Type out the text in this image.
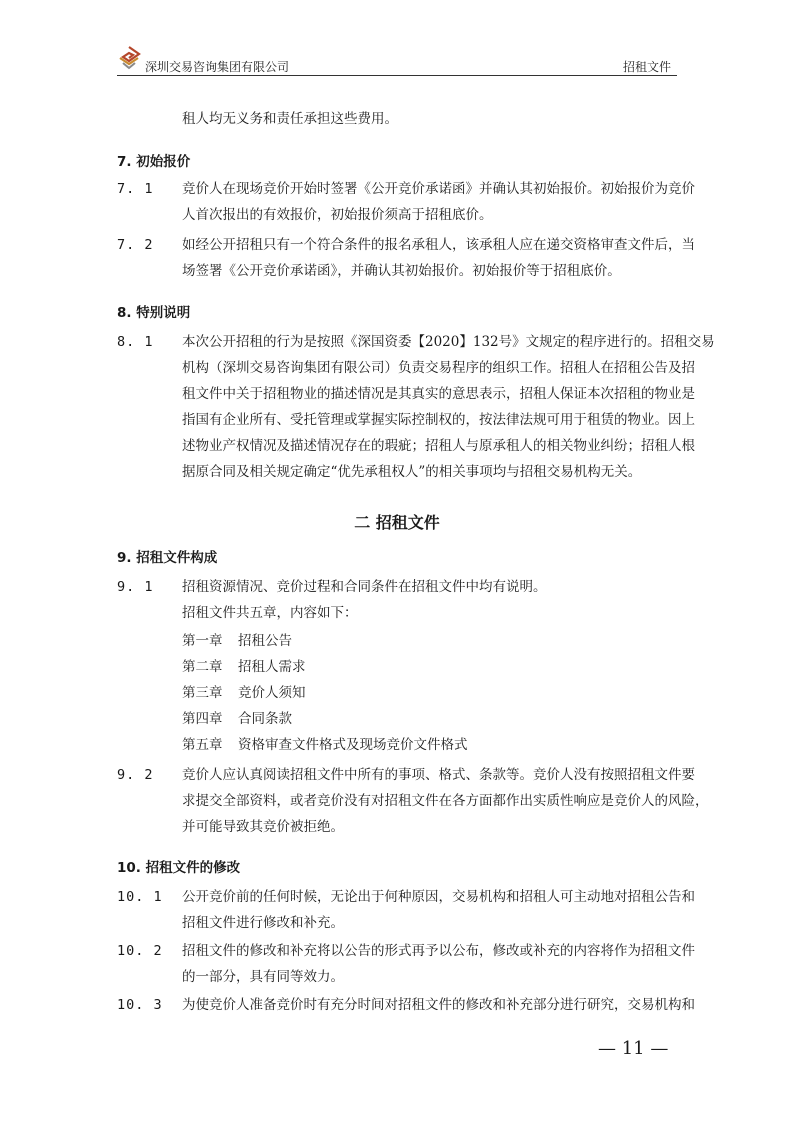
深圳交易咨询集团有限公司	招租文件
租人均无义务和责任承担这些费用。
7. 初始报价
7. 1 竞价人在现场竞价开始时签署《公开竞价承诺函》并确认其初始报价。初始报价为竞价
人首次报出的有效报价，初始报价须高于招租底价。
7. 2 如经公开招租只有一个符合条件的报名承租人，该承租人应在递交资格审查文件后，当
场签署《公开竞价承诺函》，并确认其初始报价。初始报价等于招租底价。
8. 特别说明
8. 1 本次公开招租的行为是按照《深国资委【2020】132号》文规定的程序进行的。招租交易
机构（深圳交易咨询集团有限公司）负责交易程序的组织工作。招租人在招租公告及招
租文件中关于招租物业的描述情况是其真实的意思表示，招租人保证本次招租的物业是
指国有企业所有、受托管理或掌握实际控制权的，按法律法规可用于租赁的物业。因上
述物业产权情况及描述情况存在的瑕疵；招租人与原承租人的相关物业纠纷；招租人根
据原合同及相关规定确定“优先承租权人”的相关事项均与招租交易机构无关。
二 招租文件
9. 招租文件构成
9. 1 招租资源情况、竞价过程和合同条件在招租文件中均有说明。
招租文件共五章，内容如下：
第一章 招租公告
第二章 招租人需求
第三章 竞价人须知
第四章 合同条款
第五章 资格审查文件格式及现场竞价文件格式
9. 2 竞价人应认真阅读招租文件中所有的事项、格式、条款等。竞价人没有按照招租文件要
求提交全部资料，或者竞价没有对招租文件在各方面都作出实质性响应是竞价人的风险，
并可能导致其竞价被拒绝。
10. 招租文件的修改
10. 1 公开竞价前的任何时候，无论出于何种原因，交易机构和招租人可主动地对招租公告和
招租文件进行修改和补充。
10. 2 招租文件的修改和补充将以公告的形式再予以公布，修改或补充的内容将作为招租文件
的一部分，具有同等效力。
10. 3 为使竞价人准备竞价时有充分时间对招租文件的修改和补充部分进行研究，交易机构和
— 11 —
